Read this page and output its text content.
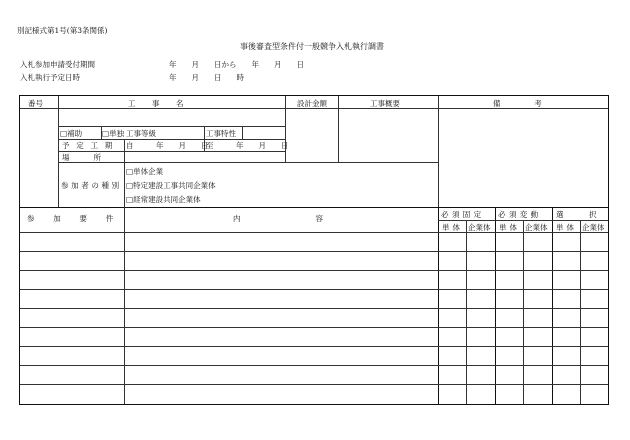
別記様式第1号(第3条関係)
事後審査型条件付一般競争入札執行調書
入札参加申請受付期間	年　　月　　日から　　年　　月　　日
入札執行予定日時	年　　月　　日　　時
番号	工事名	設計金額	工事概要	備考
□補助	□単独 工事等級	工事特性
予定工期 自　　　年　　月　　日
至　　　年　　月　　日
場所
参加者の種別
□単体企業
□特定建設工事共同企業体
□経常建設共同企業体
参加要件	内容	必須固定 必須変動 選択
単体 企業体 単体 企業体 単体 企業体
